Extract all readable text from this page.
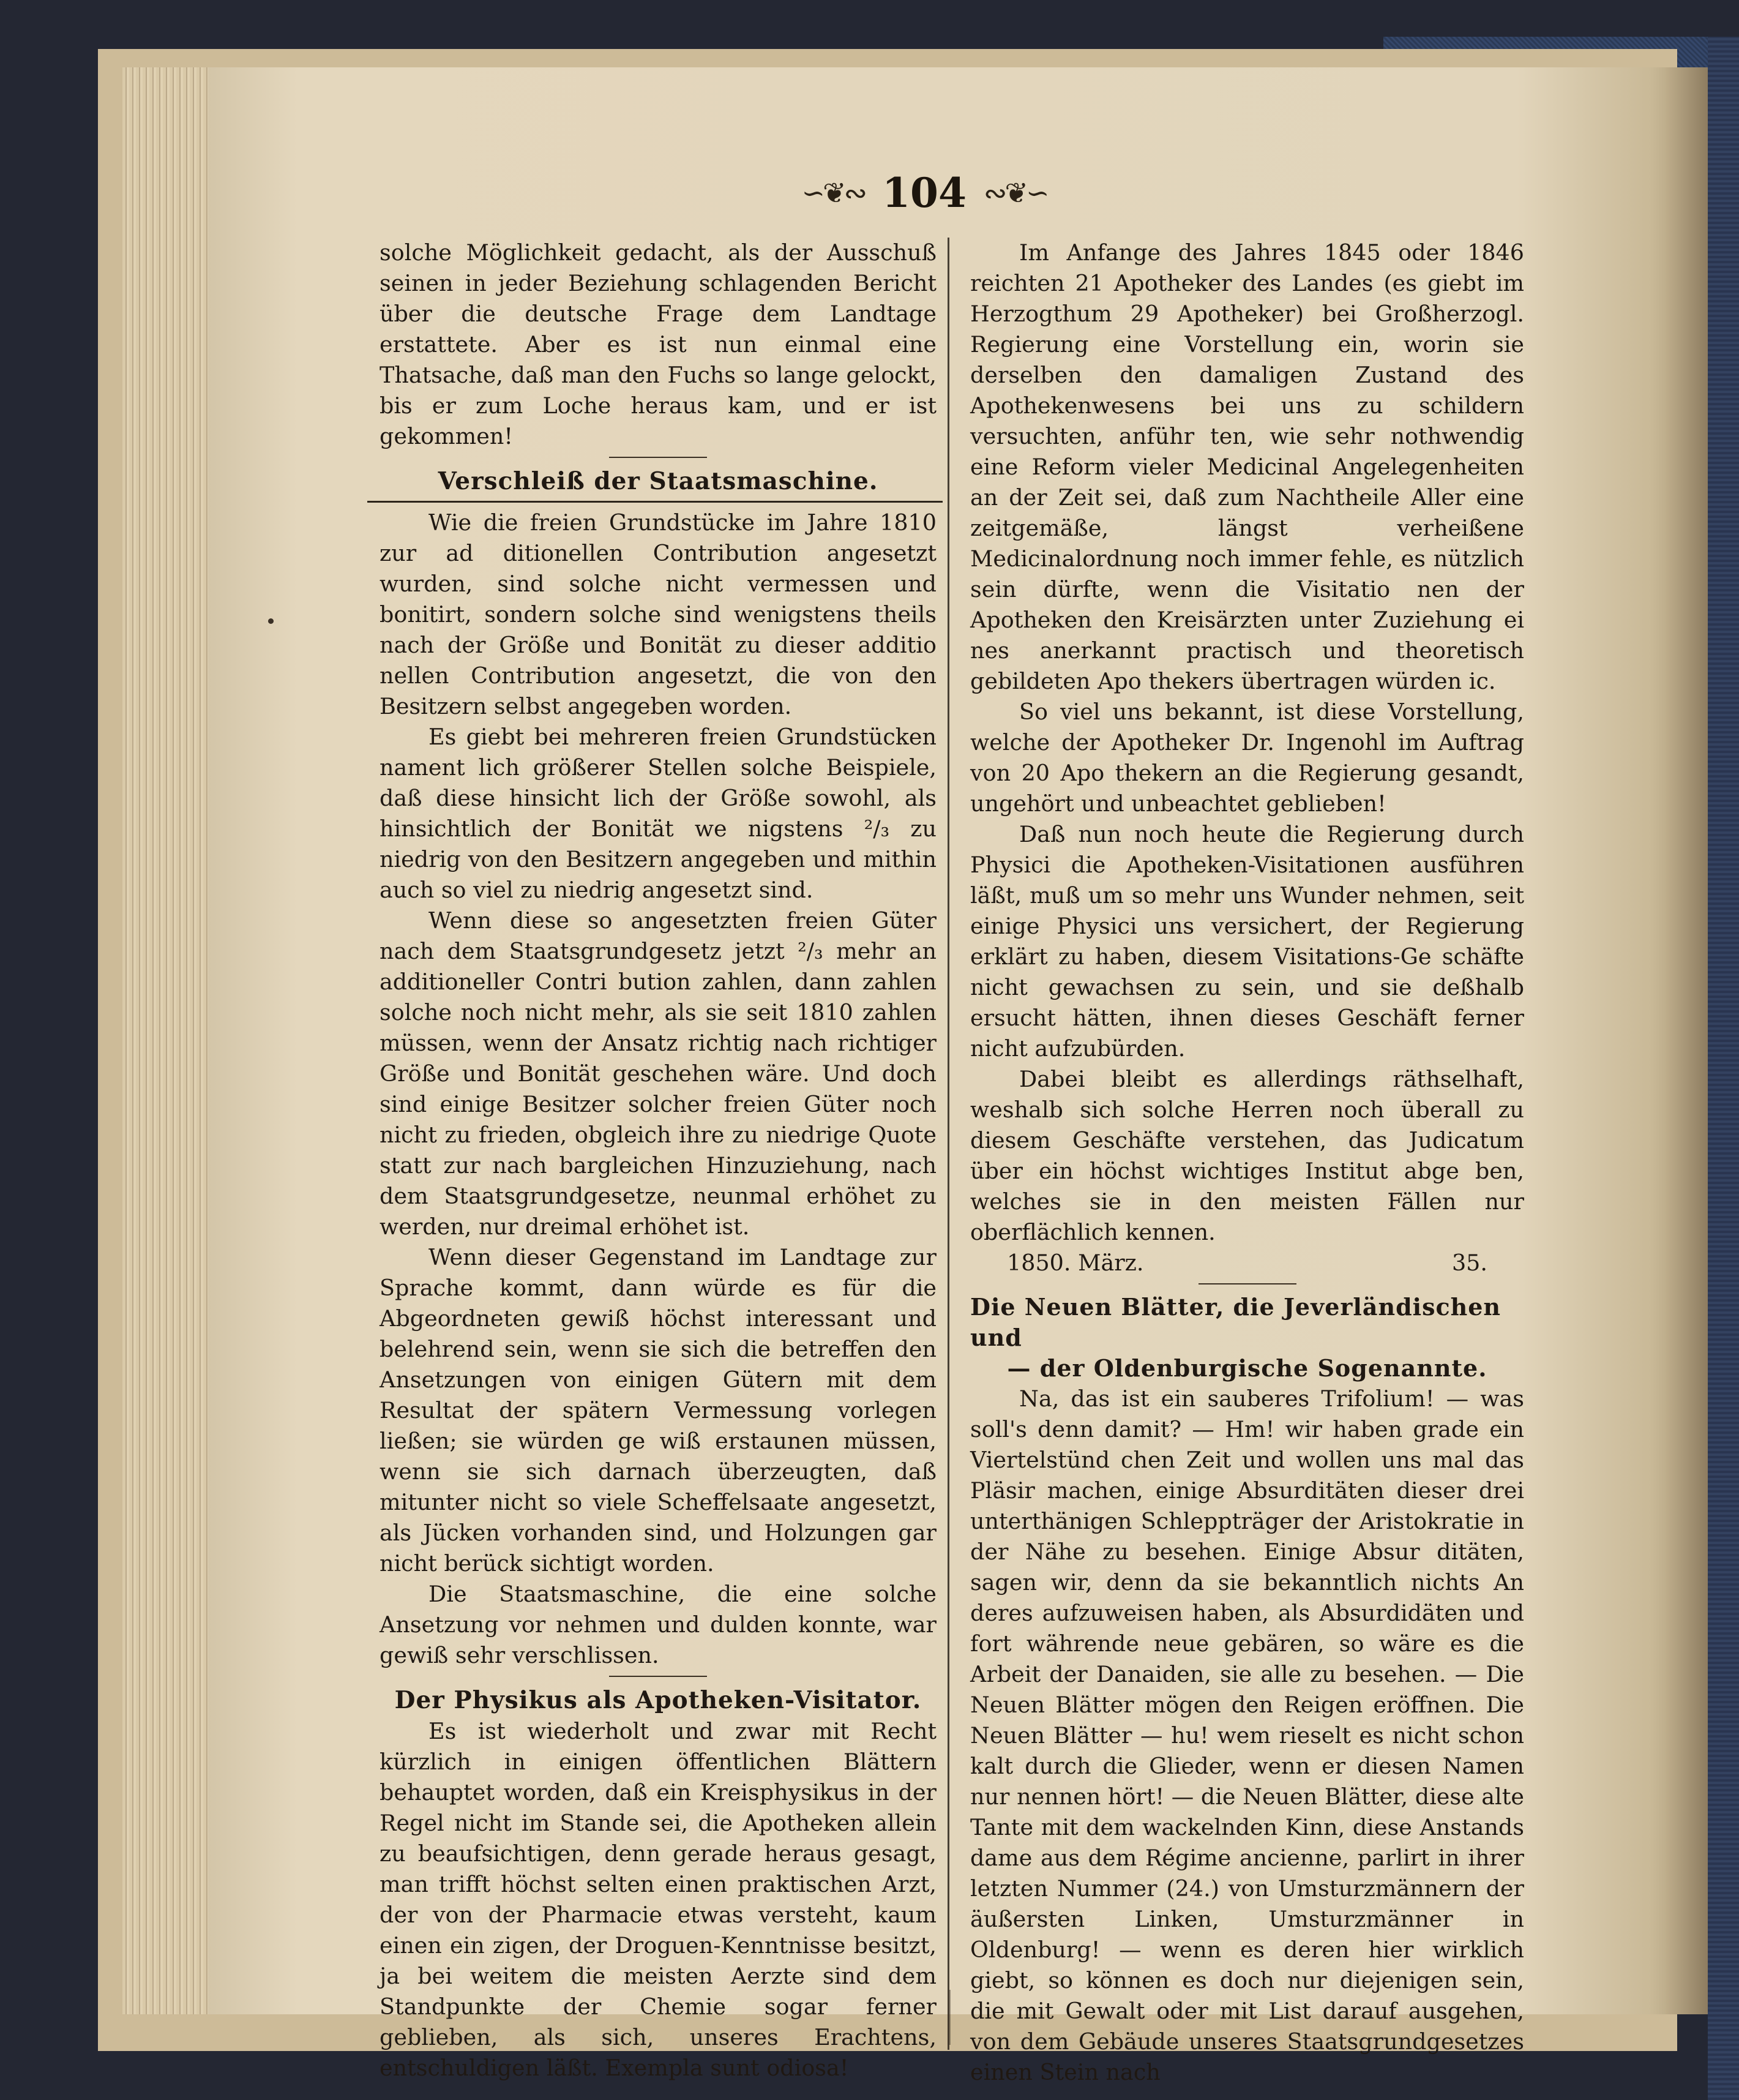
∽❦∾ 104 ∾❦∽

solche Möglichkeit gedacht, als der Ausschuß seinen in jeder Beziehung schlagenden Bericht über die deutsche Frage dem Landtage erstattete. Aber es ist nun einmal eine Thatsache, daß man den Fuchs so lange gelockt, bis er zum Loche heraus kam, und er ist gekommen!

Verschleiß der Staatsmaschine.

Wie die freien Grundstücke im Jahre 1810 zur ad ditionellen Contribution angesetzt wurden, sind solche nicht vermessen und bonitirt, sondern solche sind wenigstens theils nach der Größe und Bonität zu dieser additio nellen Contribution angesetzt, die von den Besitzern selbst angegeben worden.

Es giebt bei mehreren freien Grundstücken nament lich größerer Stellen solche Beispiele, daß diese hinsicht lich der Größe sowohl, als hinsichtlich der Bonität we nigstens ²/₃ zu niedrig von den Besitzern angegeben und mithin auch so viel zu niedrig angesetzt sind.

Wenn diese so angesetzten freien Güter nach dem Staatsgrundgesetz jetzt ²/₃ mehr an additioneller Contri bution zahlen, dann zahlen solche noch nicht mehr, als sie seit 1810 zahlen müssen, wenn der Ansatz richtig nach richtiger Größe und Bonität geschehen wäre. Und doch sind einige Besitzer solcher freien Güter noch nicht zu frieden, obgleich ihre zu niedrige Quote statt zur nach bargleichen Hinzuziehung, nach dem Staatsgrundgesetze, neunmal erhöhet zu werden, nur dreimal erhöhet ist.

Wenn dieser Gegenstand im Landtage zur Sprache kommt, dann würde es für die Abgeordneten gewiß höchst interessant und belehrend sein, wenn sie sich die betreffen den Ansetzungen von einigen Gütern mit dem Resultat der spätern Vermessung vorlegen ließen; sie würden ge wiß erstaunen müssen, wenn sie sich darnach überzeugten, daß mitunter nicht so viele Scheffelsaate angesetzt, als Jücken vorhanden sind, und Holzungen gar nicht berück sichtigt worden.

Die Staatsmaschine, die eine solche Ansetzung vor nehmen und dulden konnte, war gewiß sehr verschlissen.

Der Physikus als Apotheken-Visitator.

Es ist wiederholt und zwar mit Recht kürzlich in einigen öffentlichen Blättern behauptet worden, daß ein Kreisphysikus in der Regel nicht im Stande sei, die Apotheken allein zu beaufsichtigen, denn gerade heraus gesagt, man trifft höchst selten einen praktischen Arzt, der von der Pharmacie etwas versteht, kaum einen ein zigen, der Droguen-Kenntnisse besitzt, ja bei weitem die meisten Aerzte sind dem Standpunkte der Chemie sogar ferner geblieben, als sich, unseres Erachtens, entschuldigen läßt. Exempla sunt odiosa!

Im Anfange des Jahres 1845 oder 1846 reichten 21 Apotheker des Landes (es giebt im Herzogthum 29 Apotheker) bei Großherzogl. Regierung eine Vorstellung ein, worin sie derselben den damaligen Zustand des Apothekenwesens bei uns zu schildern versuchten, anführ ten, wie sehr nothwendig eine Reform vieler Medicinal Angelegenheiten an der Zeit sei, daß zum Nachtheile Aller eine zeitgemäße, längst verheißene Medicinalordnung noch immer fehle, es nützlich sein dürfte, wenn die Visitatio nen der Apotheken den Kreisärzten unter Zuziehung ei nes anerkannt practisch und theoretisch gebildeten Apo thekers übertragen würden ic.

So viel uns bekannt, ist diese Vorstellung, welche der Apotheker Dr. Ingenohl im Auftrag von 20 Apo thekern an die Regierung gesandt, ungehört und unbeachtet geblieben!

Daß nun noch heute die Regierung durch Physici die Apotheken-Visitationen ausführen läßt, muß um so mehr uns Wunder nehmen, seit einige Physici uns versichert, der Regierung erklärt zu haben, diesem Visitations-Ge schäfte nicht gewachsen zu sein, und sie deßhalb ersucht hätten, ihnen dieses Geschäft ferner nicht aufzubürden.

Dabei bleibt es allerdings räthselhaft, weshalb sich solche Herren noch überall zu diesem Geschäfte verstehen, das Judicatum über ein höchst wichtiges Institut abge ben, welches sie in den meisten Fällen nur oberflächlich kennen.

1850. März.	35.
Die Neuen Blätter, die Jeverländischen und
— der Oldenburgische Sogenannte.

Na, das ist ein sauberes Trifolium! — was soll's denn damit? — Hm! wir haben grade ein Viertelstünd chen Zeit und wollen uns mal das Pläsir machen, einige Absurditäten dieser drei unterthänigen Schleppträger der Aristokratie in der Nähe zu besehen. Einige Absur ditäten, sagen wir, denn da sie bekanntlich nichts An deres aufzuweisen haben, als Absurdidäten und fort währende neue gebären, so wäre es die Arbeit der Danaiden, sie alle zu besehen. — Die Neuen Blätter mögen den Reigen eröffnen. Die Neuen Blätter — hu! wem rieselt es nicht schon kalt durch die Glieder, wenn er diesen Namen nur nennen hört! — die Neuen Blätter, diese alte Tante mit dem wackelnden Kinn, diese Anstands dame aus dem Régime ancienne, parlirt in ihrer letzten Nummer (24.) von Umsturzmännern der äußersten Linken, Umsturzmänner in Oldenburg! — wenn es deren hier wirklich giebt, so können es doch nur diejenigen sein, die mit Gewalt oder mit List darauf ausgehen, von dem Gebäude unseres Staatsgrundgesetzes einen Stein nach
